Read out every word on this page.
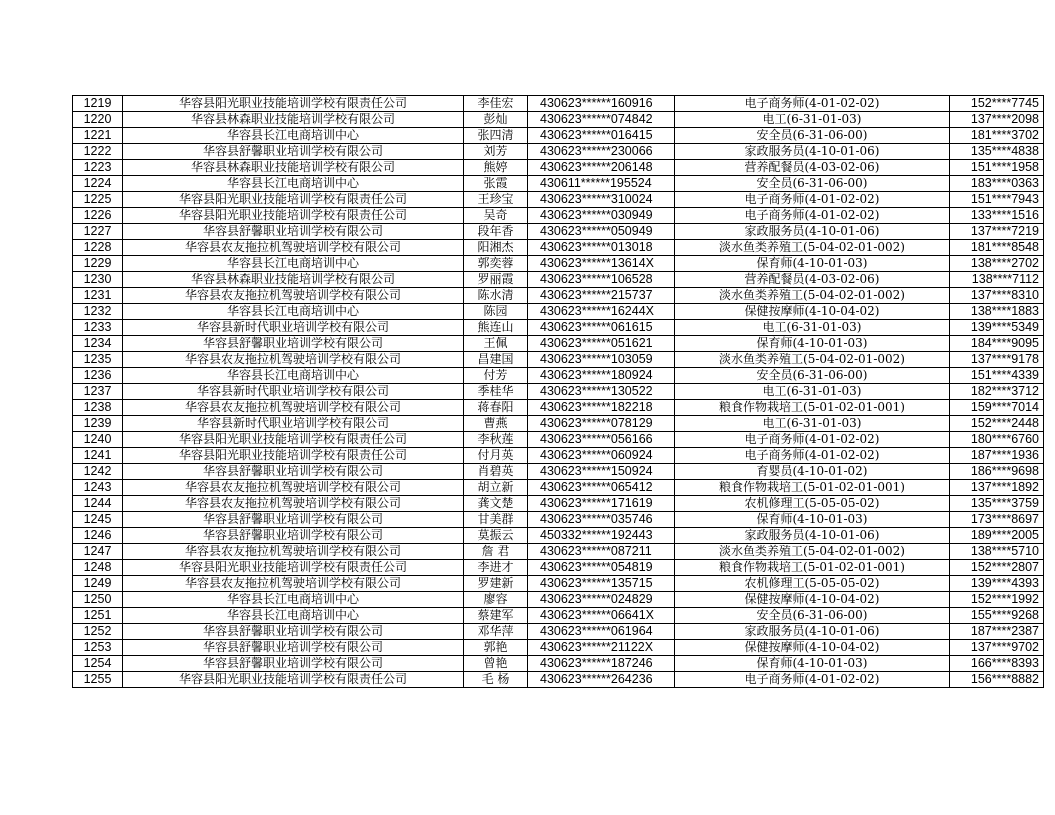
1219	华容县阳光职业技能培训学校有限责任公司	李佳宏	430623******160916	电子商务师(4-01-02-02)	152****7745
1220	华容县林森职业技能培训学校有限公司	彭灿	430623******074842	电工(6-31-01-03)	137****2098
1221	华容县长江电商培训中心	张四清	430623******016415	安全员(6-31-06-00)	181****3702
1222	华容县舒馨职业培训学校有限公司	刘芳	430623******230066	家政服务员(4-10-01-06)	135****4838
1223	华容县林森职业技能培训学校有限公司	熊婷	430623******206148	营养配餐员(4-03-02-06)	151****1958
1224	华容县长江电商培训中心	张霞	430611******195524	安全员(6-31-06-00)	183****0363
1225	华容县阳光职业技能培训学校有限责任公司	王珍宝	430623******310024	电子商务师(4-01-02-02)	151****7943
1226	华容县阳光职业技能培训学校有限责任公司	吴奇	430623******030949	电子商务师(4-01-02-02)	133****1516
1227	华容县舒馨职业培训学校有限公司	段年香	430623******050949	家政服务员(4-10-01-06)	137****7219
1228	华容县农友拖拉机驾驶培训学校有限公司	阳湘杰	430623******013018	淡水鱼类养殖工(5-04-02-01-002)	181****8548
1229	华容县长江电商培训中心	郭奕蓉	430623******13614X	保育师(4-10-01-03)	138****2702
1230	华容县林森职业技能培训学校有限公司	罗丽霞	430623******106528	营养配餐员(4-03-02-06)	138****7112
1231	华容县农友拖拉机驾驶培训学校有限公司	陈水清	430623******215737	淡水鱼类养殖工(5-04-02-01-002)	137****8310
1232	华容县长江电商培训中心	陈园	430623******16244X	保健按摩师(4-10-04-02)	138****1883
1233	华容县新时代职业培训学校有限公司	熊连山	430623******061615	电工(6-31-01-03)	139****5349
1234	华容县舒馨职业培训学校有限公司	王佩	430623******051621	保育师(4-10-01-03)	184****9095
1235	华容县农友拖拉机驾驶培训学校有限公司	昌建国	430623******103059	淡水鱼类养殖工(5-04-02-01-002)	137****9178
1236	华容县长江电商培训中心	付芳	430623******180924	安全员(6-31-06-00)	151****4339
1237	华容县新时代职业培训学校有限公司	季桂华	430623******130522	电工(6-31-01-03)	182****3712
1238	华容县农友拖拉机驾驶培训学校有限公司	蒋春阳	430623******182218	粮食作物栽培工(5-01-02-01-001)	159****7014
1239	华容县新时代职业培训学校有限公司	曹燕	430623******078129	电工(6-31-01-03)	152****2448
1240	华容县阳光职业技能培训学校有限责任公司	李秋莲	430623******056166	电子商务师(4-01-02-02)	180****6760
1241	华容县阳光职业技能培训学校有限责任公司	付月英	430623******060924	电子商务师(4-01-02-02)	187****1936
1242	华容县舒馨职业培训学校有限公司	肖碧英	430623******150924	育婴员(4-10-01-02)	186****9698
1243	华容县农友拖拉机驾驶培训学校有限公司	胡立新	430623******065412	粮食作物栽培工(5-01-02-01-001)	137****1892
1244	华容县农友拖拉机驾驶培训学校有限公司	龚文楚	430623******171619	农机修理工(5-05-05-02)	135****3759
1245	华容县舒馨职业培训学校有限公司	甘美群	430623******035746	保育师(4-10-01-03)	173****8697
1246	华容县舒馨职业培训学校有限公司	莫振云	450332******192443	家政服务员(4-10-01-06)	189****2005
1247	华容县农友拖拉机驾驶培训学校有限公司	詹 君	430623******087211	淡水鱼类养殖工(5-04-02-01-002)	138****5710
1248	华容县阳光职业技能培训学校有限责任公司	李进才	430623******054819	粮食作物栽培工(5-01-02-01-001)	152****2807
1249	华容县农友拖拉机驾驶培训学校有限公司	罗建新	430623******135715	农机修理工(5-05-05-02)	139****4393
1250	华容县长江电商培训中心	廖容	430623******024829	保健按摩师(4-10-04-02)	152****1992
1251	华容县长江电商培训中心	蔡建军	430623******06641X	安全员(6-31-06-00)	155****9268
1252	华容县舒馨职业培训学校有限公司	邓华萍	430623******061964	家政服务员(4-10-01-06)	187****2387
1253	华容县舒馨职业培训学校有限公司	郭艳	430623******21122X	保健按摩师(4-10-04-02)	137****9702
1254	华容县舒馨职业培训学校有限公司	曾艳	430623******187246	保育师(4-10-01-03)	166****8393
1255	华容县阳光职业技能培训学校有限责任公司	毛 杨	430623******264236	电子商务师(4-01-02-02)	156****8882
